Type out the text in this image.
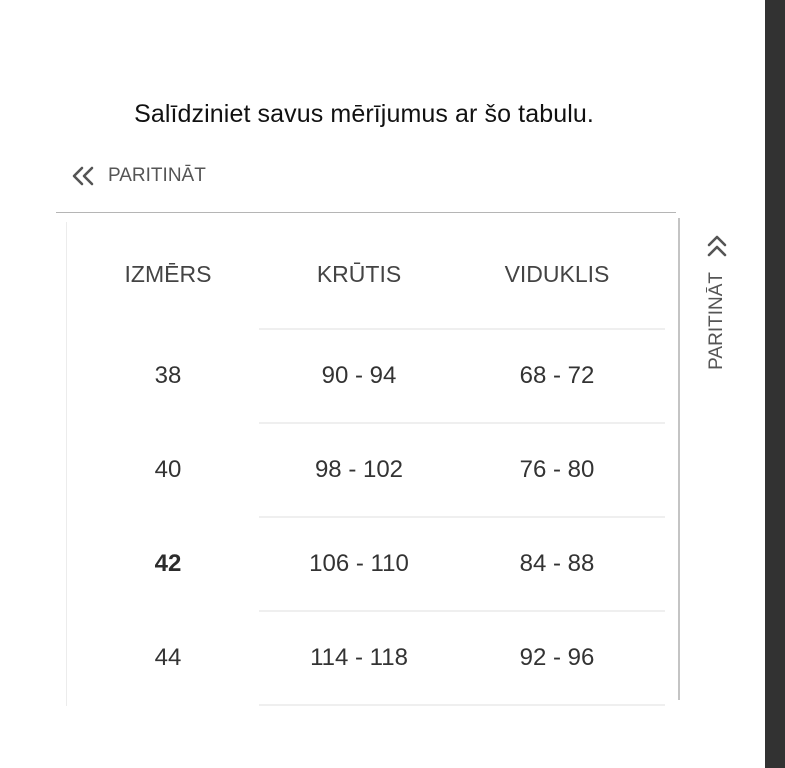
Salīdziniet savus mērījumus ar šo tabulu.
PARITINĀT
IZMĒRS	KRŪTIS	VIDUKLIS
38	90 - 94	68 - 72
40	98 - 102	76 - 80
42	106 - 110	84 - 88
44	114 - 118	92 - 96
PARITINĀT
